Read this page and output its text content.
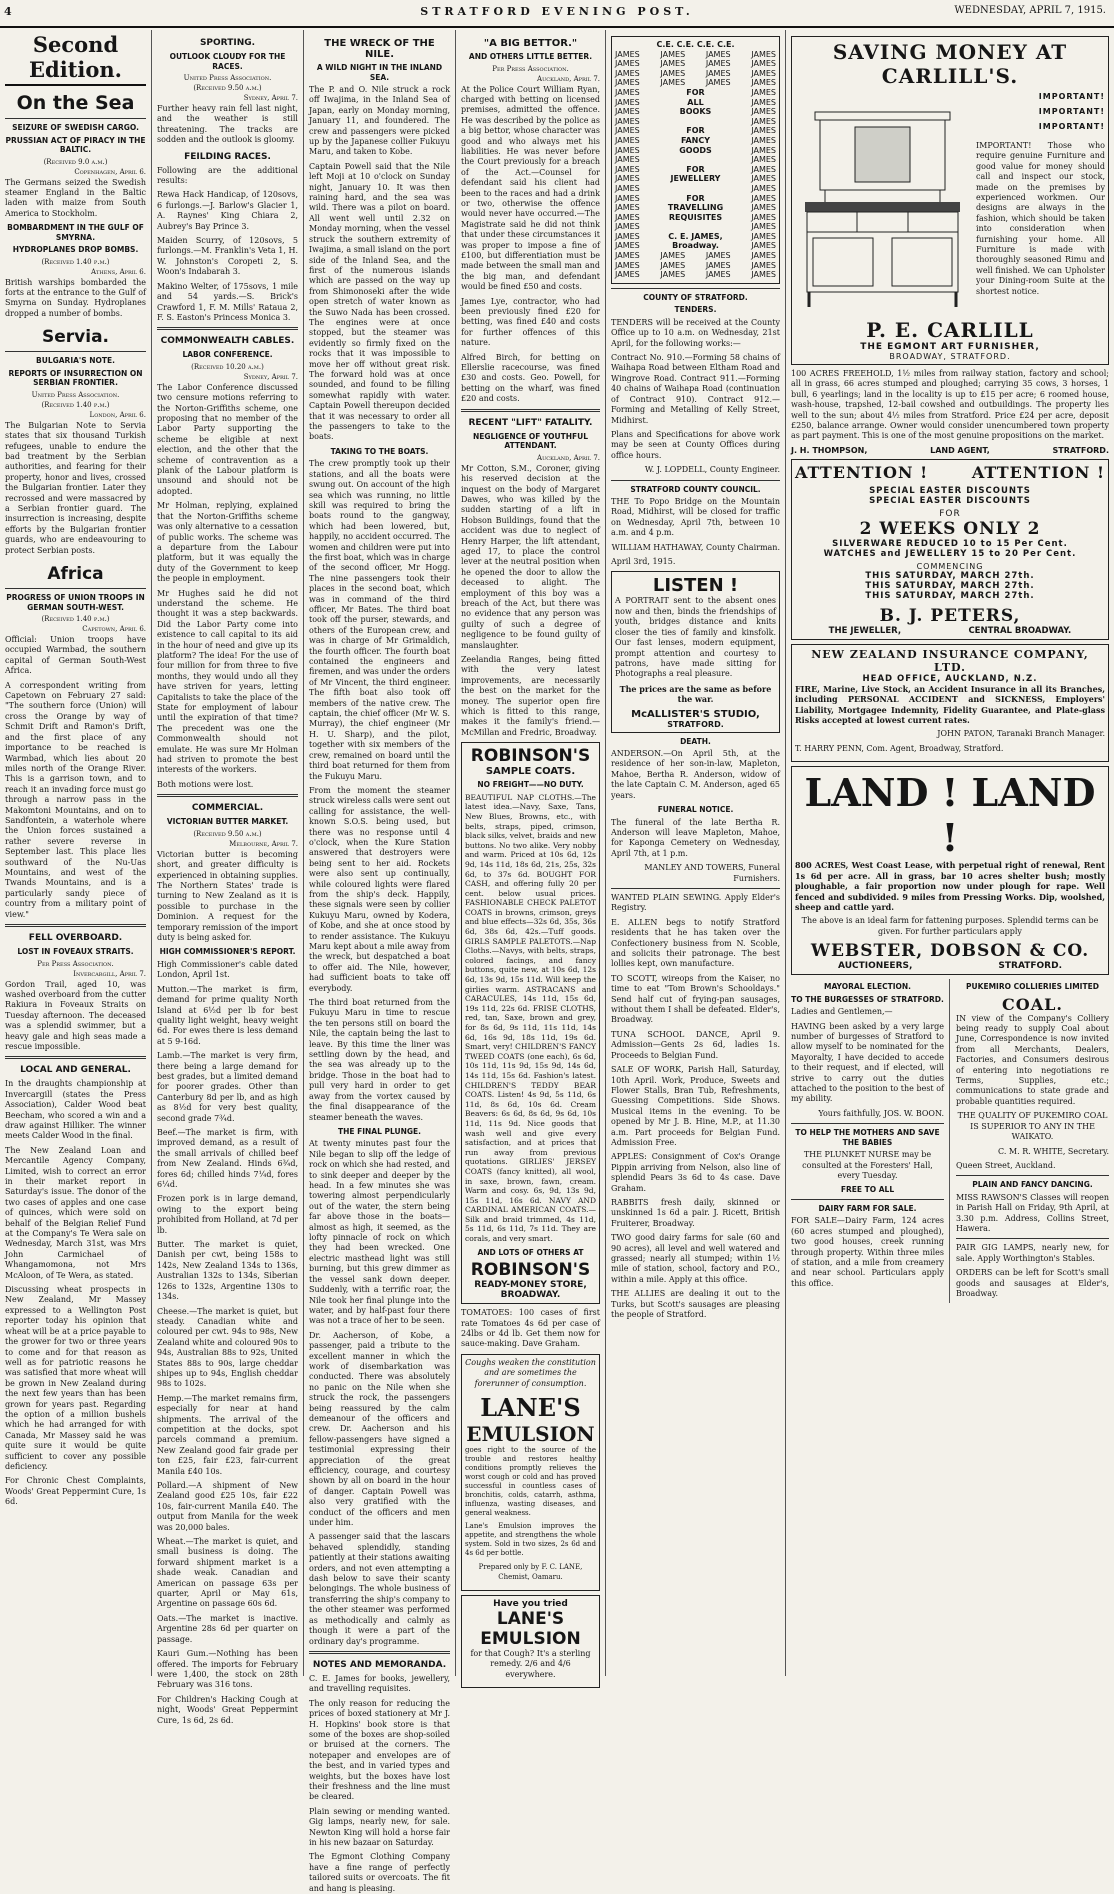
4	STRATFORD EVENING POST.	WEDNESDAY, APRIL 7, 1915.
Second Edition.
On the Sea
SEIZURE OF SWEDISH CARGO.
PRUSSIAN ACT OF PIRACY IN THE BALTIC.
(Received 9.0 a.m.)
Copenhagen, April 6.

The Germans seized the Swedish steamer England in the Baltic laden with maize from South America to Stockholm.

BOMBARDMENT IN THE GULF OF SMYRNA.
HYDROPLANES DROP BOMBS.
(Received 1.40 p.m.)
Athens, April 6.

British warships bombarded the forts at the entrance to the Gulf of Smyrna on Sunday. Hydroplanes dropped a number of bombs.

Servia.
BULGARIA'S NOTE.
REPORTS OF INSURRECTION ON SERBIAN FRONTIER.
United Press Association.
(Received 1.40 p.m.)
London, April 6.

The Bulgarian Note to Servia states that six thousand Turkish refugees, unable to endure the bad treatment by the Serbian authorities, and fearing for their property, honor and lives, crossed the Bulgarian frontier. Later they recrossed and were massacred by a Serbian frontier guard. The insurrection is increasing, despite efforts by the Bulgarian frontier guards, who are endeavouring to protect Serbian posts.

Africa
PROGRESS OF UNION TROOPS IN GERMAN SOUTH-WEST.
(Received 1.40 p.m.)
Capetown, April 6.

Official: Union troops have occupied Warmbad, the southern capital of German South-West Africa.

A correspondent writing from Capetown on February 27 said: "The southern force (Union) will cross the Orange by way of Schmit Drift and Ramon's Drift, and the first place of any importance to be reached is Warmbad, which lies about 20 miles north of the Orange River. This is a garrison town, and to reach it an invading force must go through a narrow pass in the Makomtoni Mountains, and on to Sandfontein, a waterhole where the Union forces sustained a rather severe reverse in September last. This place lies southward of the Nu-Uas Mountains, and west of the Twands Mountains, and is a particularly sandy piece of country from a military point of view."

FELL OVERBOARD.
LOST IN FOVEAUX STRAITS.
Per Press Association.
Invercargill, April 7.

Gordon Trail, aged 10, was washed overboard from the cutter Rakiura in Foveaux Straits on Tuesday afternoon. The deceased was a splendid swimmer, but a heavy gale and high seas made a rescue impossible.

LOCAL AND GENERAL.

In the draughts championship at Invercargill (states the Press Association), Calder Wood beat Beecham, who scored a win and a draw against Hilliker. The winner meets Calder Wood in the final.

The New Zealand Loan and Mercantile Agency Company, Limited, wish to correct an error in their market report in Saturday's issue. The donor of the two cases of apples and one case of quinces, which were sold on behalf of the Belgian Relief Fund at the Company's Te Wera sale on Wednesday, March 31st, was Mrs John Carmichael of Whangamomona, not Mrs McAloon, of Te Wera, as stated.

Discussing wheat prospects in New Zealand, Mr Massey expressed to a Wellington Post reporter today his opinion that wheat will be at a price payable to the grower for two or three years to come and for that reason as well as for patriotic reasons he was satisfied that more wheat will be grown in New Zealand during the next few years than has been grown for years past. Regarding the option of a million bushels which he had arranged for with Canada, Mr Massey said he was quite sure it would be quite sufficient to cover any possible deficiency.

For Chronic Chest Complaints, Woods' Great Peppermint Cure, 1s 6d.

SPORTING.
OUTLOOK CLOUDY FOR THE RACES.
United Press Association.
(Received 9.50 a.m.)
Sydney, April 7.

Further heavy rain fell last night, and the weather is still threatening. The tracks are sodden and the outlook is gloomy.

FEILDING RACES.

Following are the additional results:

Rewa Hack Handicap, of 120sovs, 6 furlongs.—J. Barlow's Glacier 1, A. Raynes' King Chiara 2, Aubrey's Bay Prince 3.

Maiden Scurry, of 120sovs, 5 furlongs.—M. Franklin's Veta 1, H. W. Johnston's Coropeti 2, S. Woon's Indabarah 3.

Makino Welter, of 175sovs, 1 mile and 54 yards.—S. Brick's Crawford 1, F. M. Mills' Rataua 2, F. S. Easton's Princess Monica 3.

COMMONWEALTH CABLES.
LABOR CONFERENCE.
(Received 10.20 a.m.)
Sydney, April 7.

The Labor Conference discussed two censure motions referring to the Norton-Griffiths scheme, one proposing that no member of the Labor Party supporting the scheme be eligible at next election, and the other that the scheme of contravention as a plank of the Labour platform is unsound and should not be adopted.

Mr Holman, replying, explained that the Norton-Griffiths scheme was only alternative to a cessation of public works. The scheme was a departure from the Labour platform, but it was equally the duty of the Government to keep the people in employment.

Mr Hughes said he did not understand the scheme. He thought it was a step backwards. Did the Labor Party come into existence to call capital to its aid in the hour of need and give up its platform? The idea! For the use of four million for from three to five months, they would undo all they have striven for years, letting Capitalists to take the place of the State for employment of labour until the expiration of that time? The precedent was one the Commonwealth should not emulate. He was sure Mr Holman had striven to promote the best interests of the workers.

Both motions were lost.

COMMERCIAL.
VICTORIAN BUTTER MARKET.
(Received 9.50 a.m.)
Melbourne, April 7.

Victorian butter is becoming short, and greater difficulty is experienced in obtaining supplies. The Northern States' trade is turning to New Zealand as it is possible to purchase in the Dominion. A request for the temporary remission of the import duty is being asked for.

HIGH COMMISSIONER'S REPORT.

High Commissioner's cable dated London, April 1st.

Mutton.—The market is firm, demand for prime quality North Island at 6½d per lb for best quality light weight, heavy weight 6d. For ewes there is less demand at 5 9-16d.

Lamb.—The market is very firm, there being a large demand for best grades, but a limited demand for poorer grades. Other than Canterbury 8d per lb, and as high as 8½d for very best quality, second grade 7¾d.

Beef.—The market is firm, with improved demand, as a result of the small arrivals of chilled beef from New Zealand. Hinds 6¾d, fores 6d; chilled hinds 7¼d, fores 6¼d.

Frozen pork is in large demand, owing to the export being prohibited from Holland, at 7d per lb.

Butter. The market is quiet, Danish per cwt, being 158s to 142s, New Zealand 134s to 136s, Australian 132s to 134s, Siberian 126s to 132s, Argentine 130s to 134s.

Cheese.—The market is quiet, but steady. Canadian white and coloured per cwt. 94s to 98s, New Zealand white and coloured 90s to 94s, Australian 88s to 92s, United States 88s to 90s, large cheddar shipes up to 94s, English cheddar 98s to 102s.

Hemp.—The market remains firm, especially for near at hand shipments. The arrival of the competition at the docks, spot parcels command a premium. New Zealand good fair grade per ton £25, fair £23, fair-current Manila £40 10s.

Pollard.—A shipment of New Zealand good £25 10s, fair £22 10s, fair-current Manila £40. The output from Manila for the week was 20,000 bales.

Wheat.—The market is quiet, and small business is doing. The forward shipment market is a shade weak. Canadian and American on passage 63s per quarter, April or May 61s, Argentine on passage 60s 6d.

Oats.—The market is inactive. Argentine 28s 6d per quarter on passage.

Kauri Gum.—Nothing has been offered. The imports for February were 1,400, the stock on 28th February was 316 tons.

For Children's Hacking Cough at night, Woods' Great Peppermint Cure, 1s 6d, 2s 6d.

THE WRECK OF THE NILE.
A WILD NIGHT IN THE INLAND SEA.

The P. and O. Nile struck a rock off Iwajima, in the Inland Sea of Japan, early on Monday morning, January 11, and foundered. The crew and passengers were picked up by the Japanese collier Fukuyu Maru, and taken to Kobe.

Captain Powell said that the Nile left Moji at 10 o'clock on Sunday night, January 10. It was then raining hard, and the sea was wild. There was a pilot on board. All went well until 2.32 on Monday morning, when the vessel struck the southern extremity of Iwajima, a small island on the port side of the Inland Sea, and the first of the numerous islands which are passed on the way up from Shimonoseki after the wide open stretch of water known as the Suwo Nada has been crossed. The engines were at once stopped, but the steamer was evidently so firmly fixed on the rocks that it was impossible to move her off without great risk. The forward hold was at once sounded, and found to be filling somewhat rapidly with water. Captain Powell thereupon decided that it was necessary to order all the passengers to take to the boats.

TAKING TO THE BOATS.

The crew promptly took up their stations, and all the boats were swung out. On account of the high sea which was running, no little skill was required to bring the boats round to the gangway, which had been lowered, but, happily, no accident occurred. The women and children were put into the first boat, which was in charge of the second officer, Mr Hogg. The nine passengers took their places in the second boat, which was in command of the third officer, Mr Bates. The third boat took off the purser, stewards, and others of the European crew, and was in charge of Mr Grimaldich, the fourth officer. The fourth boat contained the engineers and firemen, and was under the orders of Mr Vincent, the third engineer. The fifth boat also took off members of the native crew. The captain, the chief officer (Mr W. S. Murray), the chief engineer (Mr H. U. Sharp), and the pilot, together with six members of the crew, remained on board until the third boat returned for them from the Fukuyu Maru.

From the moment the steamer struck wireless calls were sent out calling for assistance, the well-known S.O.S. being used, but there was no response until 4 o'clock, when the Kure Station answered that destroyers were being sent to her aid. Rockets were also sent up continually, while coloured lights were flared from the ship's deck. Happily, these signals were seen by collier Kukuyu Maru, owned by Kodera, of Kobe, and she at once stood by to render assistance. The Kukuyu Maru kept about a mile away from the wreck, but despatched a boat to offer aid. The Nile, however, had sufficient boats to take off everybody.

The third boat returned from the Fukuyu Maru in time to rescue the ten persons still on board the Nile, the captain being the last to leave. By this time the liner was settling down by the head, and the sea was already up to the bridge. Those in the boat had to pull very hard in order to get away from the vortex caused by the final disappearance of the steamer beneath the waves.

THE FINAL PLUNGE.

At twenty minutes past four the Nile began to slip off the ledge of rock on which she had rested, and to sink deeper and deeper by the head. In a few minutes she was towering almost perpendicularly out of the water, the stern being far above those in the boats—almost as high, it seemed, as the lofty pinnacle of rock on which they had been wrecked. One electric masthead light was still burning, but this grew dimmer as the vessel sank down deeper. Suddenly, with a terrific roar, the Nile took her final plunge into the water, and by half-past four there was not a trace of her to be seen.

Dr. Aacherson, of Kobe, a passenger, paid a tribute to the excellent manner in which the work of disembarkation was conducted. There was absolutely no panic on the Nile when she struck the rock, the passengers being reassured by the calm demeanour of the officers and crew. Dr. Aacherson and his fellow-passengers have signed a testimonial expressing their appreciation of the great efficiency, courage, and courtesy shown by all on board in the hour of danger. Captain Powell was also very gratified with the conduct of the officers and men under him.

A passenger said that the lascars behaved splendidly, standing patiently at their stations awaiting orders, and not even attempting a dash below to save their scanty belongings. The whole business of transferring the ship's company to the other steamer was performed as methodically and calmly as though it were a part of the ordinary day's programme.

NOTES AND MEMORANDA.

C. E. James for books, jewellery, and travelling requisites.

The only reason for reducing the prices of boxed stationery at Mr J. H. Hopkins' book store is that some of the boxes are shop-soiled or bruised at the corners. The notepaper and envelopes are of the best, and in varied types and weights, but the boxes have lost their freshness and the line must be cleared.

Plain sewing or mending wanted. Gig lamps, nearly new, for sale. Newton King will hold a horse fair in his new bazaar on Saturday.

The Egmont Clothing Company have a fine range of perfectly tailored suits or overcoats. The fit and hang is pleasing.

"A BIG BETTOR."
AND OTHERS LITTLE BETTER.
Per Press Association.
Auckland, April 7.

At the Police Court William Ryan, charged with betting on licensed premises, admitted the offence. He was described by the police as a big bettor, whose character was good and who always met his liabilities. He was never before the Court previously for a breach of the Act.—Counsel for defendant said his client had been to the races and had a drink or two, otherwise the offence would never have occurred.—The Magistrate said he did not think that under these circumstances it was proper to impose a fine of £100, but differentiation must be made between the small man and the big man, and defendant would be fined £50 and costs.

James Lye, contractor, who had been previously fined £20 for betting, was fined £40 and costs for further offences of this nature.

Alfred Birch, for betting on Ellerslie racecourse, was fined £30 and costs. Geo. Powell, for betting on the wharf, was fined £20 and costs.

RECENT "LIFT" FATALITY.
NEGLIGENCE OF YOUTHFUL ATTENDANT.
Auckland, April 7.

Mr Cotton, S.M., Coroner, giving his reserved decision at the inquest on the body of Margaret Dawes, who was killed by the sudden starting of a lift in Hobson Buildings, found that the accident was due to neglect of Henry Harper, the lift attendant, aged 17, to place the control lever at the neutral position when he opened the door to allow the deceased to alight. The employment of this boy was a breach of the Act, but there was no evidence that any person was guilty of such a degree of negligence to be found guilty of manslaughter.

Zeelandia Ranges, being fitted with the very latest improvements, are necessarily the best on the market for the money. The superior open fire which is fitted to this range, makes it the family's friend.—McMillan and Fredric, Broadway.

ROBINSON'S
SAMPLE COATS.
NO FREIGHT——NO DUTY.

BEAUTIFUL NAP CLOTHS.—The latest idea.—Navy, Saxe, Tans, New Blues, Browns, etc., with belts, straps, piped, crimson, black silks, velvet, braids and new buttons. No two alike. Very nobby and warm. Priced at 10s 6d, 12s 9d, 14s 11d, 18s 6d, 21s, 25s, 32s 6d, to 37s 6d. BOUGHT FOR CASH, and offering fully 20 per cent. below usual prices. FASHIONABLE CHECK PALETOT COATS in browns, crimson, greys and blue effects—32s 6d, 35s, 36s 6d, 38s 6d, 42s.—Tuff goods. GIRLS SAMPLE PALETOTS.—Nap Cloths.—Navys, with belts, straps, colored facings, and fancy buttons, quite new, at 10s 6d, 12s 6d, 13s 9d, 15s 11d. Will keep the girlies warm. ASTRACANS and CARACULES, 14s 11d, 15s 6d, 19s 11d, 22s 6d. FRISE CLOTHS, red, tan, Saxe, brown and grey, for 8s 6d, 9s 11d, 11s 11d, 14s 6d, 16s 9d, 18s 11d, 19s 6d. Smart, very! CHILDREN'S FANCY TWEED COATS (one each), 6s 6d, 10s 11d, 11s 9d, 15s 9d, 14s 6d, 14s 11d, 15s 6d. Fashion's latest. CHILDREN'S TEDDY BEAR COATS. Listen! 4s 9d, 5s 11d, 6s 11d, 8s 6d, 10s 6d. Cream Beavers: 6s 6d, 8s 6d, 9s 6d, 10s 11d, 11s 9d. Nice goods that wash well and give every satisfaction, and at prices that run away from previous quotations. GIRLIES' JERSEY COATS (fancy knitted), all wool, in saxe, brown, fawn, cream. Warm and cosy. 6s, 9d, 13s 9d, 15s 11d, 16s 6d. NAVY AND CARDINAL AMERICAN COATS.—Silk and braid trimmed, 4s 11d, 5s 11d, 6s 11d, 7s 11d. They are corals, and very smart.

AND LOTS OF OTHERS AT
ROBINSON'S
READY-MONEY STORE,
BROADWAY.

TOMATOES: 100 cases of first rate Tomatoes 4s 6d per case of 24lbs or 4d lb. Get them now for sauce-making. Dave Graham.

Coughs weaken the constitution and are sometimes the forerunner of consumption.

LANE'S
EMULSION

goes right to the source of the trouble and restores healthy conditions promptly relieves the worst cough or cold and has proved successful in countless cases of bronchitis, colds, catarrh, asthma, influenza, wasting diseases, and general weakness.

Lane's Emulsion improves the appetite, and strengthens the whole system. Sold in two sizes, 2s 6d and 4s 6d per bottle.

Prepared only by F. C. LANE, Chemist, Oamaru.

Have you tried
LANE'S EMULSION

for that Cough? It's a sterling remedy. 2/6 and 4/6 everywhere.

C.E. C.E. C.E. C.E.
JAMES	JAMES	JAMES	JAMES
JAMES	JAMES	JAMES	JAMES
JAMES	JAMES	JAMES	JAMES
JAMES	JAMES	JAMES	JAMES
JAMES	FOR	JAMES
JAMES	ALL	JAMES
JAMES	BOOKS	JAMES
JAMES	JAMES
JAMES	FOR	JAMES
JAMES	FANCY	JAMES
JAMES	GOODS	JAMES
JAMES	JAMES
JAMES	FOR	JAMES
JAMES	JEWELLERY	JAMES
JAMES	JAMES
JAMES	FOR	JAMES
JAMES	TRAVELLING	JAMES
JAMES	REQUISITES	JAMES
JAMES	JAMES
JAMES	C. E. JAMES,	JAMES
JAMES	Broadway.	JAMES
JAMES	JAMES	JAMES	JAMES
JAMES	JAMES	JAMES	JAMES
JAMES	JAMES	JAMES	JAMES
COUNTY OF STRATFORD.
TENDERS.

TENDERS will be received at the County Office up to 10 a.m. on Wednesday, 21st April, for the following works:—

Contract No. 910.—Forming 58 chains of Waihapa Road between Eltham Road and Wingrove Road. Contract 911.—Forming 40 chains of Waihapa Road (continuation of Contract 910). Contract 912.—Forming and Metalling of Kelly Street, Midhirst.

Plans and Specifications for above work may be seen at County Offices during office hours.

W. J. LOPDELL, County Engineer.

STRATFORD COUNTY COUNCIL.

THE To Popo Bridge on the Mountain Road, Midhirst, will be closed for traffic on Wednesday, April 7th, between 10 a.m. and 4 p.m.

WILLIAM HATHAWAY, County Chairman.

April 3rd, 1915.

LISTEN !

A PORTRAIT sent to the absent ones now and then, binds the friendships of youth, bridges distance and knits closer the ties of family and kinsfolk. Our fast lenses, modern equipment, prompt attention and courtesy to patrons, have made sitting for Photographs a real pleasure.

The prices are the same as before the war.

McALLISTER'S STUDIO,
STRATFORD.
DEATH.

ANDERSON.—On April 5th, at the residence of her son-in-law, Mapleton, Mahoe, Bertha R. Anderson, widow of the late Captain C. M. Anderson, aged 65 years.

FUNERAL NOTICE.

The funeral of the late Bertha R. Anderson will leave Mapleton, Mahoe, for Kaponga Cemetery on Wednesday, April 7th, at 1 p.m.

MANLEY AND TOWERS, Funeral Furnishers.

WANTED PLAIN SEWING. Apply Elder's Registry.

E. ALLEN begs to notify Stratford residents that he has taken over the Confectionery business from N. Scoble, and solicits their patronage. The best lollies kept, own manufacture.

TO SCOTT, wireops from the Kaiser, no time to eat "Tom Brown's Schooldays." Send half cut of frying-pan sausages, without them I shall be defeated. Elder's, Broadway.

TUNA SCHOOL DANCE, April 9. Admission—Gents 2s 6d, ladies 1s. Proceeds to Belgian Fund.

SALE OF WORK, Parish Hall, Saturday, 10th April. Work, Produce, Sweets and Flower Stalls, Bran Tub, Refreshments, Guessing Competitions. Side Shows. Musical items in the evening. To be opened by Mr J. B. Hine, M.P., at 11.30 a.m. Part proceeds for Belgian Fund. Admission Free.

APPLES: Consignment of Cox's Orange Pippin arriving from Nelson, also line of splendid Pears 3s 6d to 4s case. Dave Graham.

RABBITS fresh daily, skinned or unskinned 1s 6d a pair. J. Ricett, British Fruiterer, Broadway.

TWO good dairy farms for sale (60 and 90 acres), all level and well watered and grassed; nearly all stumped; within 1½ mile of station, school, factory and P.O., within a mile. Apply at this office.

THE ALLIES are dealing it out to the Turks, but Scott's sausages are pleasing the people of Stratford.

SAVING MONEY AT
CARLILL'S.
IMPORTANT!
IMPORTANT!
IMPORTANT!

IMPORTANT! Those who require genuine Furniture and good value for money should call and inspect our stock, made on the premises by experienced workmen. Our designs are always in the fashion, which should be taken into consideration when furnishing your home. All Furniture is made with thoroughly seasoned Rimu and well finished. We can Upholster your Dining-room Suite at the shortest notice.

P. E. CARLILL
THE EGMONT ART FURNISHER,
BROADWAY, STRATFORD.

100 ACRES FREEHOLD, 1½ miles from railway station, factory and school; all in grass, 66 acres stumped and ploughed; carrying 35 cows, 3 horses, 1 bull, 6 yearlings; land in the locality is up to £15 per acre; 6 roomed house, wash-house, trapshed, 12-bail cowshed and outbuildings. The property lies well to the sun; about 4½ miles from Stratford. Price £24 per acre, deposit £250, balance arrange. Owner would consider unencumbered town property as part payment. This is one of the most genuine propositions on the market.

J. H. THOMPSON,	LAND AGENT,	STRATFORD.
ATTENTION !	ATTENTION !
SPECIAL EASTER DISCOUNTS
SPECIAL EASTER DISCOUNTS
FOR
2 WEEKS ONLY 2
SILVERWARE REDUCED 10 to 15 Per Cent.
WATCHES and JEWELLERY 15 to 20 Per Cent.
COMMENCING
THIS SATURDAY, MARCH 27th.
THIS SATURDAY, MARCH 27th.
THIS SATURDAY, MARCH 27th.
B. J. PETERS,
THE JEWELLER,	CENTRAL BROADWAY.
NEW ZEALAND INSURANCE COMPANY, LTD.
HEAD OFFICE, AUCKLAND, N.Z.

FIRE, Marine, Live Stock, an Accident Insurance in all its Branches, including PERSONAL ACCIDENT and SICKNESS, Employers' Liability, Mortgagee Indemnity, Fidelity Guarantee, and Plate-glass Risks accepted at lowest current rates.

JOHN PATON, Taranaki Branch Manager.

T. HARRY PENN, Com. Agent, Broadway, Stratford.

LAND ! LAND !

800 ACRES, West Coast Lease, with perpetual right of renewal, Rent 1s 6d per acre. All in grass, bar 10 acres shelter bush; mostly ploughable, a fair proportion now under plough for rape. Well fenced and subdivided. 9 miles from Pressing Works. Dip, woolshed, sheep and cattle yard.

The above is an ideal farm for fattening purposes. Splendid terms can be given. For further particulars apply

WEBSTER, DOBSON & CO.
AUCTIONEERS,	STRATFORD.
MAYORAL ELECTION.
TO THE BURGESSES OF STRATFORD.

Ladies and Gentlemen,—

HAVING been asked by a very large number of burgesses of Stratford to allow myself to be nominated for the Mayoralty, I have decided to accede to their request, and if elected, will strive to carry out the duties attached to the position to the best of my ability.

Yours faithfully, JOS. W. BOON.

TO HELP THE MOTHERS AND SAVE THE BABIES

THE PLUNKET NURSE may be consulted at the Foresters' Hall, every Tuesday.

FREE TO ALL
DAIRY FARM FOR SALE.

FOR SALE—Dairy Farm, 124 acres (60 acres stumped and ploughed), two good houses, creek running through property. Within three miles of station, and a mile from creamery and near school. Particulars apply this office.

PUKEMIRO COLLIERIES LIMITED
COAL.

IN view of the Company's Colliery being ready to supply Coal about June, Correspondence is now invited from all Merchants, Dealers, Factories, and Consumers desirous of entering into negotiations re Terms, Supplies, etc.; communications to state grade and probable quantities required.

THE QUALITY OF PUKEMIRO COAL IS SUPERIOR TO ANY IN THE WAIKATO.

C. M. R. WHITE, Secretary.

Queen Street, Auckland.

PLAIN AND FANCY DANCING.

MISS RAWSON'S Classes will reopen in Parish Hall on Friday, 9th April, at 3.30 p.m. Address, Collins Street, Hawera.

PAIR GIG LAMPS, nearly new, for sale. Apply Worthington's Stables.

ORDERS can be left for Scott's small goods and sausages at Elder's, Broadway.
